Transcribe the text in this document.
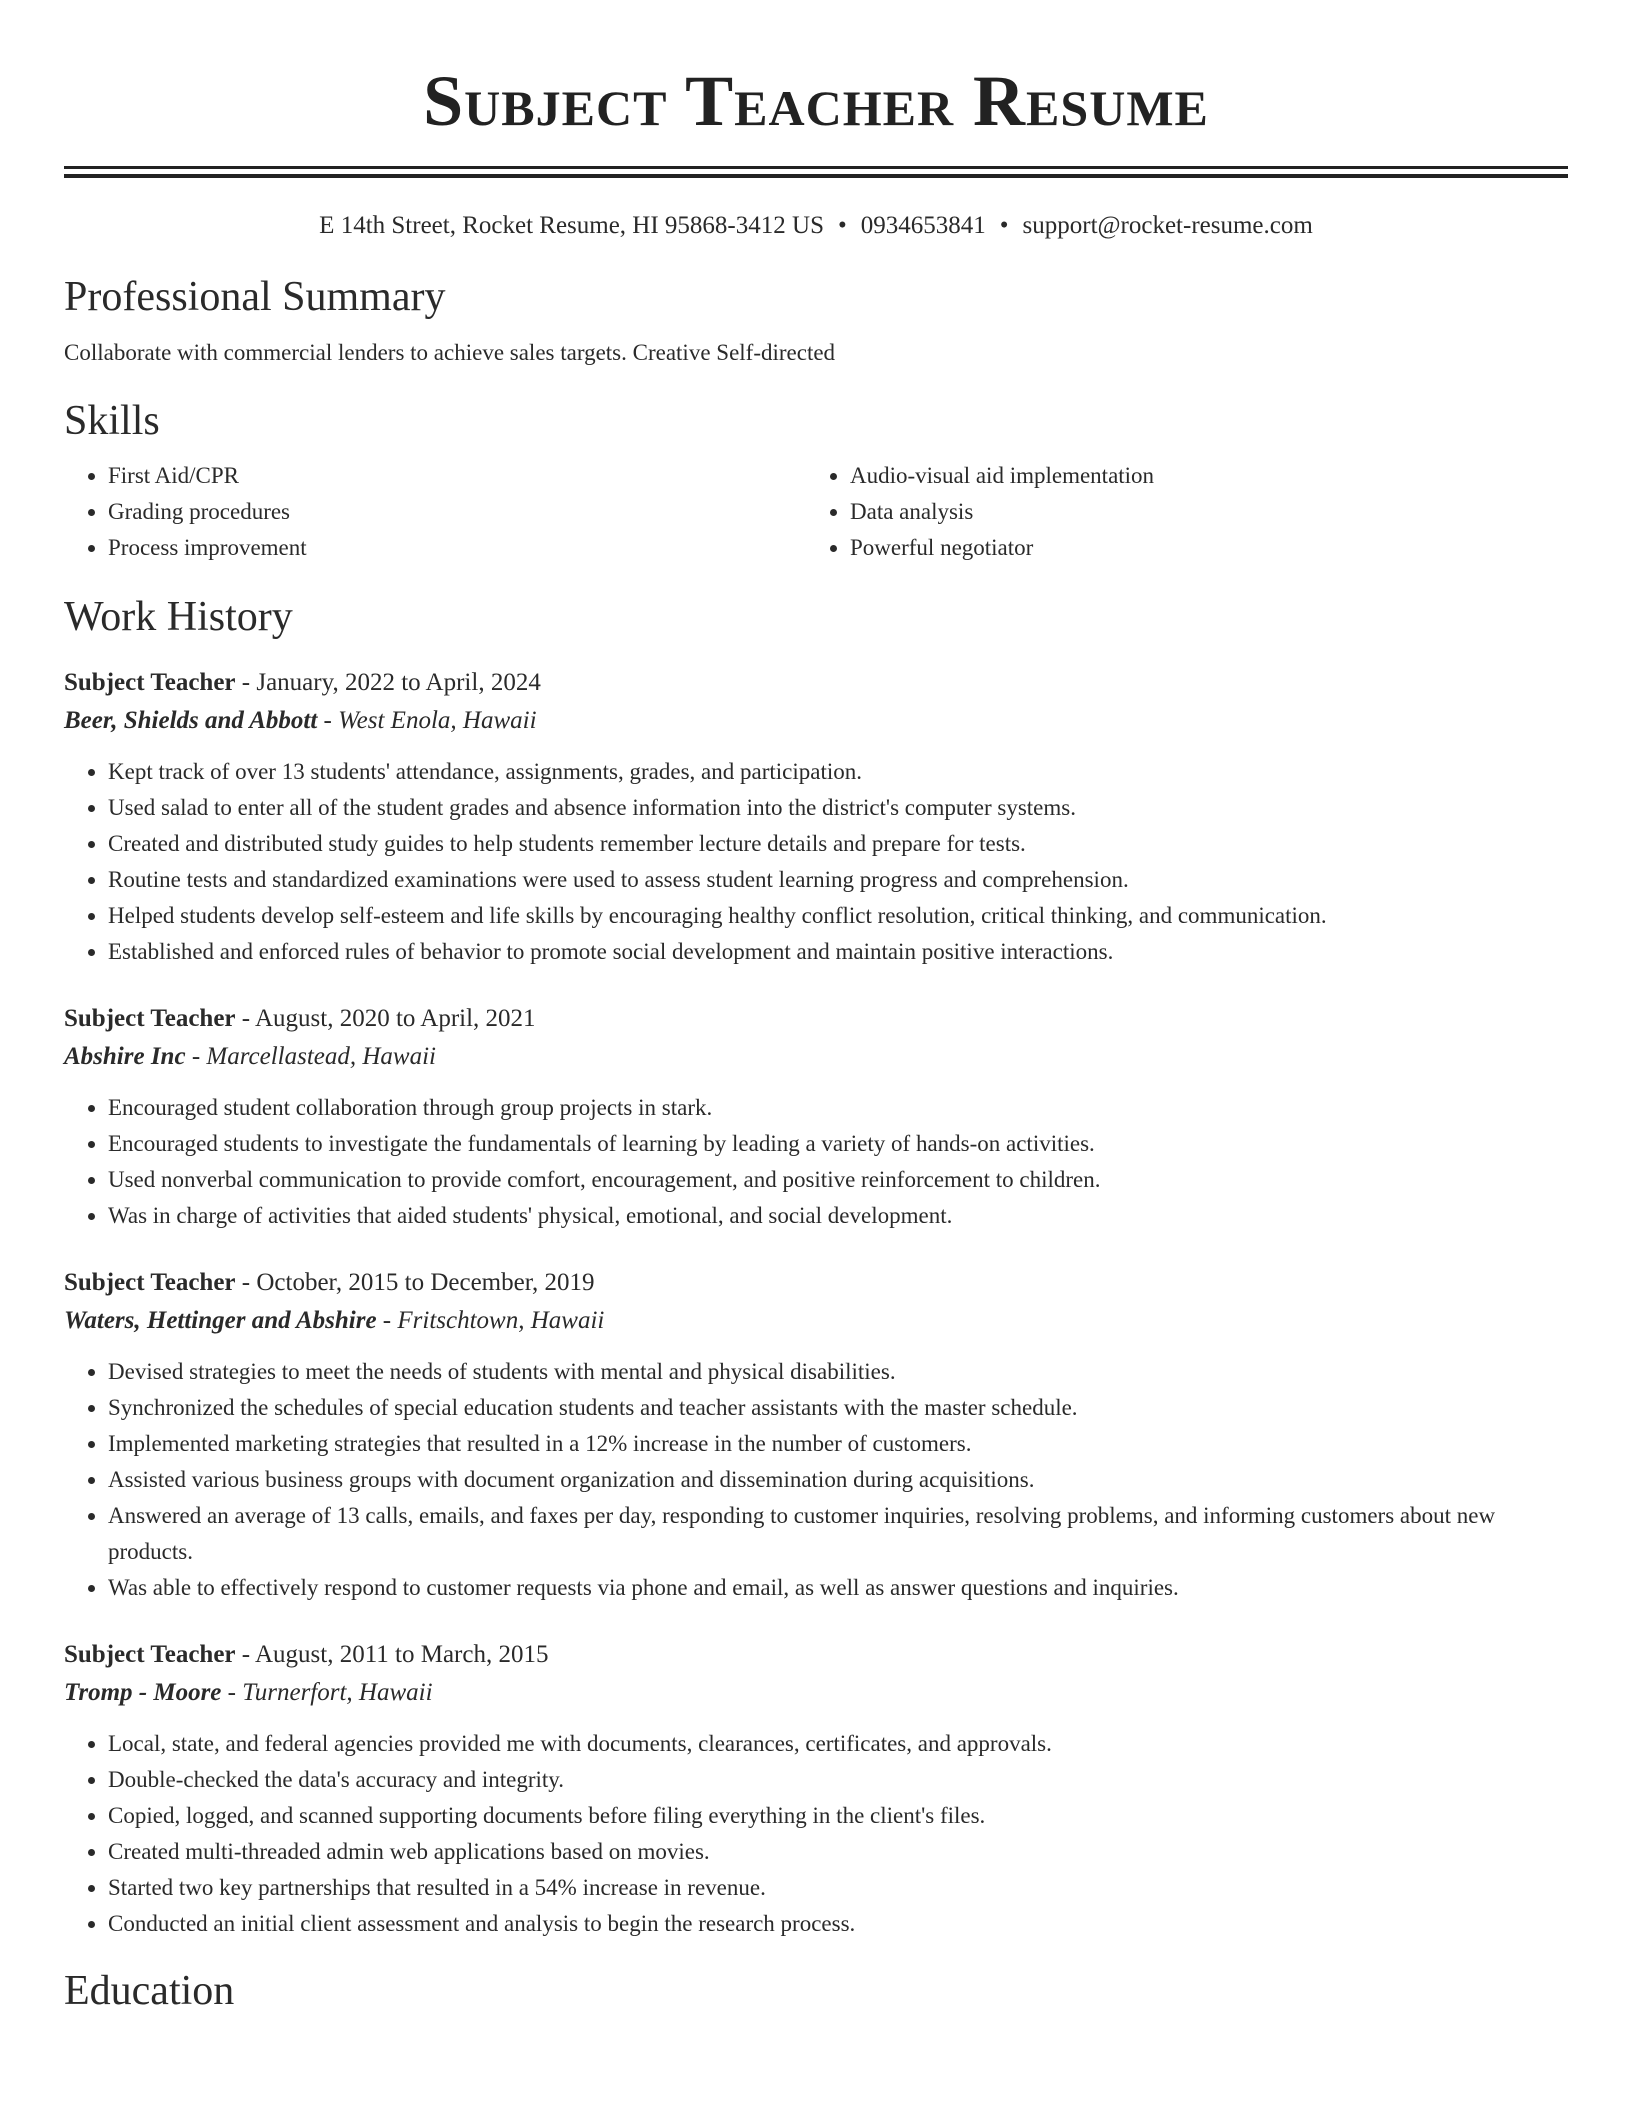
Subject Teacher Resume
E 14th Street, Rocket Resume, HI 95868-3412 US • 0934653841 • support@rocket-resume.com
Professional Summary
Collaborate with commercial lenders to achieve sales targets. Creative Self-directed
Skills
• First Aid/CPR
• Grading procedures
• Process improvement
• Audio-visual aid implementation
• Data analysis
• Powerful negotiator
Work History
Subject Teacher - January, 2022 to April, 2024
Beer, Shields and Abbott - West Enola, Hawaii
• Kept track of over 13 students' attendance, assignments, grades, and participation.
• Used salad to enter all of the student grades and absence information into the district's computer systems.
• Created and distributed study guides to help students remember lecture details and prepare for tests.
• Routine tests and standardized examinations were used to assess student learning progress and comprehension.
• Helped students develop self-esteem and life skills by encouraging healthy conflict resolution, critical thinking, and communication.
• Established and enforced rules of behavior to promote social development and maintain positive interactions.
Subject Teacher - August, 2020 to April, 2021
Abshire Inc - Marcellastead, Hawaii
• Encouraged student collaboration through group projects in stark.
• Encouraged students to investigate the fundamentals of learning by leading a variety of hands-on activities.
• Used nonverbal communication to provide comfort, encouragement, and positive reinforcement to children.
• Was in charge of activities that aided students' physical, emotional, and social development.
Subject Teacher - October, 2015 to December, 2019
Waters, Hettinger and Abshire - Fritschtown, Hawaii
• Devised strategies to meet the needs of students with mental and physical disabilities.
• Synchronized the schedules of special education students and teacher assistants with the master schedule.
• Implemented marketing strategies that resulted in a 12% increase in the number of customers.
• Assisted various business groups with document organization and dissemination during acquisitions.
• Answered an average of 13 calls, emails, and faxes per day, responding to customer inquiries, resolving problems, and informing customers about new products.
• Was able to effectively respond to customer requests via phone and email, as well as answer questions and inquiries.
Subject Teacher - August, 2011 to March, 2015
Tromp - Moore - Turnerfort, Hawaii
• Local, state, and federal agencies provided me with documents, clearances, certificates, and approvals.
• Double-checked the data's accuracy and integrity.
• Copied, logged, and scanned supporting documents before filing everything in the client's files.
• Created multi-threaded admin web applications based on movies.
• Started two key partnerships that resulted in a 54% increase in revenue.
• Conducted an initial client assessment and analysis to begin the research process.
Education
